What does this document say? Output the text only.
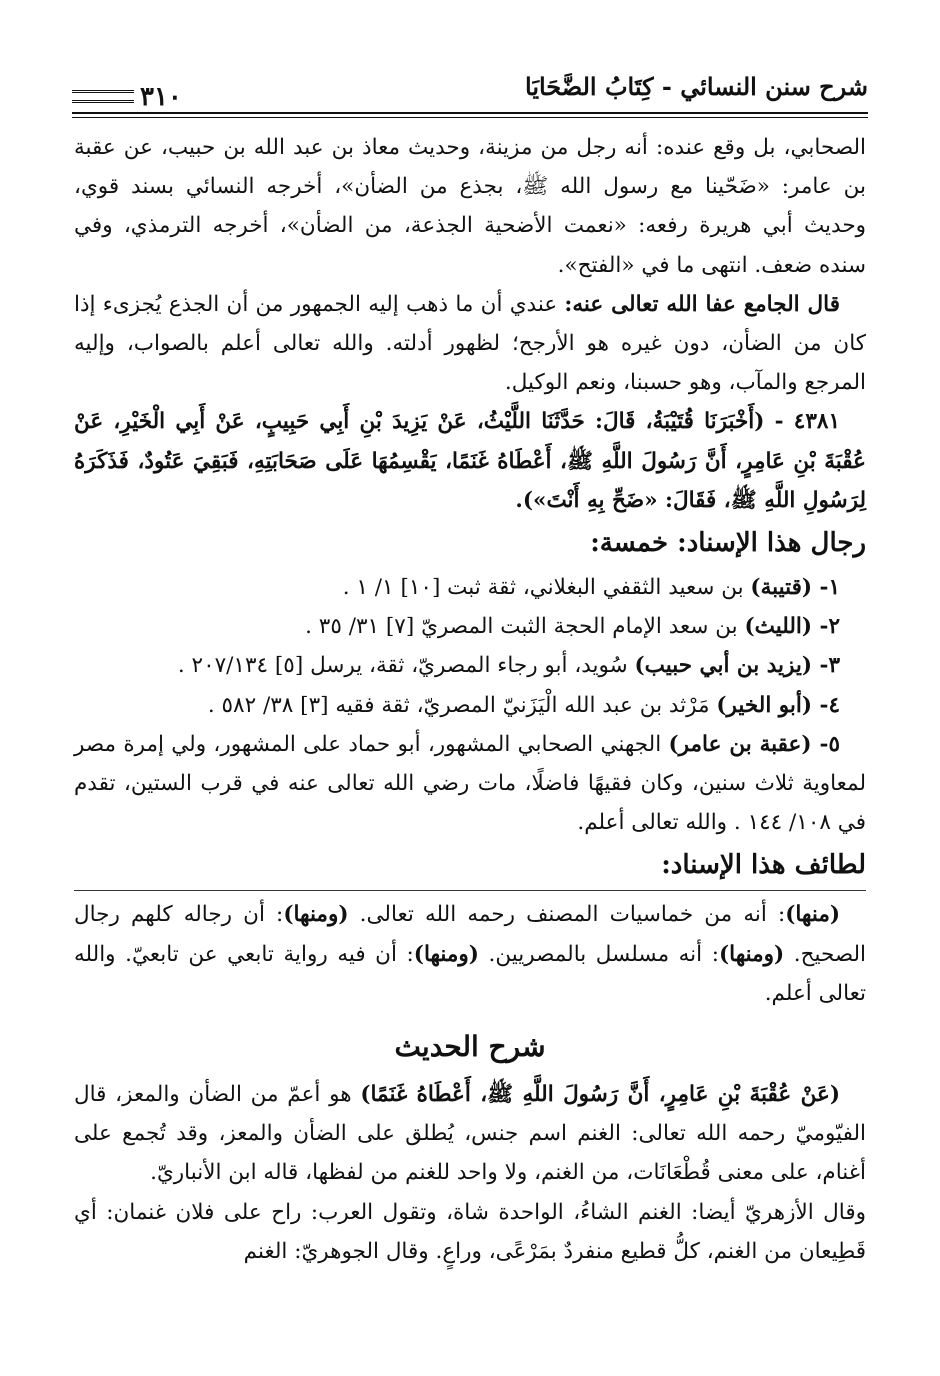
شرح سنن النسائي - كِتَابُ الضَّحَايَا
٣١٠

الصحابي، بل وقع عنده: أنه رجل من مزينة، وحديث معاذ بن عبد الله بن حبيب، عن عقبة بن عامر: «ضَحّينا مع رسول الله ﷺ، بجذع من الضأن»، أخرجه النسائي بسند قوي، وحديث أبي هريرة رفعه: «نعمت الأضحية الجذعة، من الضأن»، أخرجه الترمذي، وفي سنده ضعف. انتهى ما في «الفتح».

قال الجامع عفا الله تعالى عنه: عندي أن ما ذهب إليه الجمهور من أن الجذع يُجزىء إذا كان من الضأن، دون غيره هو الأرجح؛ لظهور أدلته. والله تعالى أعلم بالصواب، وإليه المرجع والمآب، وهو حسبنا، ونعم الوكيل.

٤٣٨١ - (أَخْبَرَنَا قُتَيْبَةُ، قَالَ: حَدَّثَنَا اللَّيْثُ، عَنْ يَزِيدَ بْنِ أَبِي حَبِيبٍ، عَنْ أَبِي الْخَيْرِ، عَنْ عُقْبَةَ بْنِ عَامِرٍ، أَنَّ رَسُولَ اللَّهِ ﷺ، أَعْطَاهُ غَنَمًا، يَقْسِمُهَا عَلَى صَحَابَتِهِ، فَبَقِيَ عَتُودٌ، فَذَكَرَهُ لِرَسُولِ اللَّهِ ﷺ، فَقَالَ: «ضَحِّ بِهِ أَنْتَ»).

رجال هذا الإسناد: خمسة:

١- (قتيبة) بن سعيد الثقفي البغلاني، ثقة ثبت [١٠] ١/ ١ .

٢- (الليث) بن سعد الإمام الحجة الثبت المصريّ [٧] ٣١/ ٣٥ .

٣- (يزيد بن أبي حبيب) سُويد، أبو رجاء المصريّ، ثقة، يرسل [٥] ٢٠٧/١٣٤ .

٤- (أبو الخير) مَرْثد بن عبد الله الْيَزَنيّ المصريّ، ثقة فقيه [٣] ٣٨/ ٥٨٢ .

٥- (عقبة بن عامر) الجهني الصحابي المشهور، أبو حماد على المشهور، ولي إمرة مصر لمعاوية ثلاث سنين، وكان فقيهًا فاضلًا، مات رضي الله تعالى عنه في قرب الستين، تقدم في ١٠٨/ ١٤٤ . والله تعالى أعلم.

لطائف هذا الإسناد:

(منها): أنه من خماسيات المصنف رحمه الله تعالى. (ومنها): أن رجاله كلهم رجال الصحيح. (ومنها): أنه مسلسل بالمصريين. (ومنها): أن فيه رواية تابعي عن تابعيّ. والله تعالى أعلم.

شرح الحديث

(عَنْ عُقْبَةَ بْنِ عَامِرٍ، أَنَّ رَسُولَ اللَّهِ ﷺ، أَعْطَاهُ غَنَمًا) هو أعمّ من الضأن والمعز، قال الفيّوميّ رحمه الله تعالى: الغنم اسم جنس، يُطلق على الضأن والمعز، وقد تُجمع على أغنام، على معنى قُطْعَانَات، من الغنم، ولا واحد للغنم من لفظها، قاله ابن الأنباريّ.

وقال الأزهريّ أيضا: الغنم الشاءُ، الواحدة شاة، وتقول العرب: راح على فلان غنمان: أي قَطِيعان من الغنم، كلُّ قطيع منفردٌ بمَرْعًى، وراعٍ. وقال الجوهريّ: الغنم
